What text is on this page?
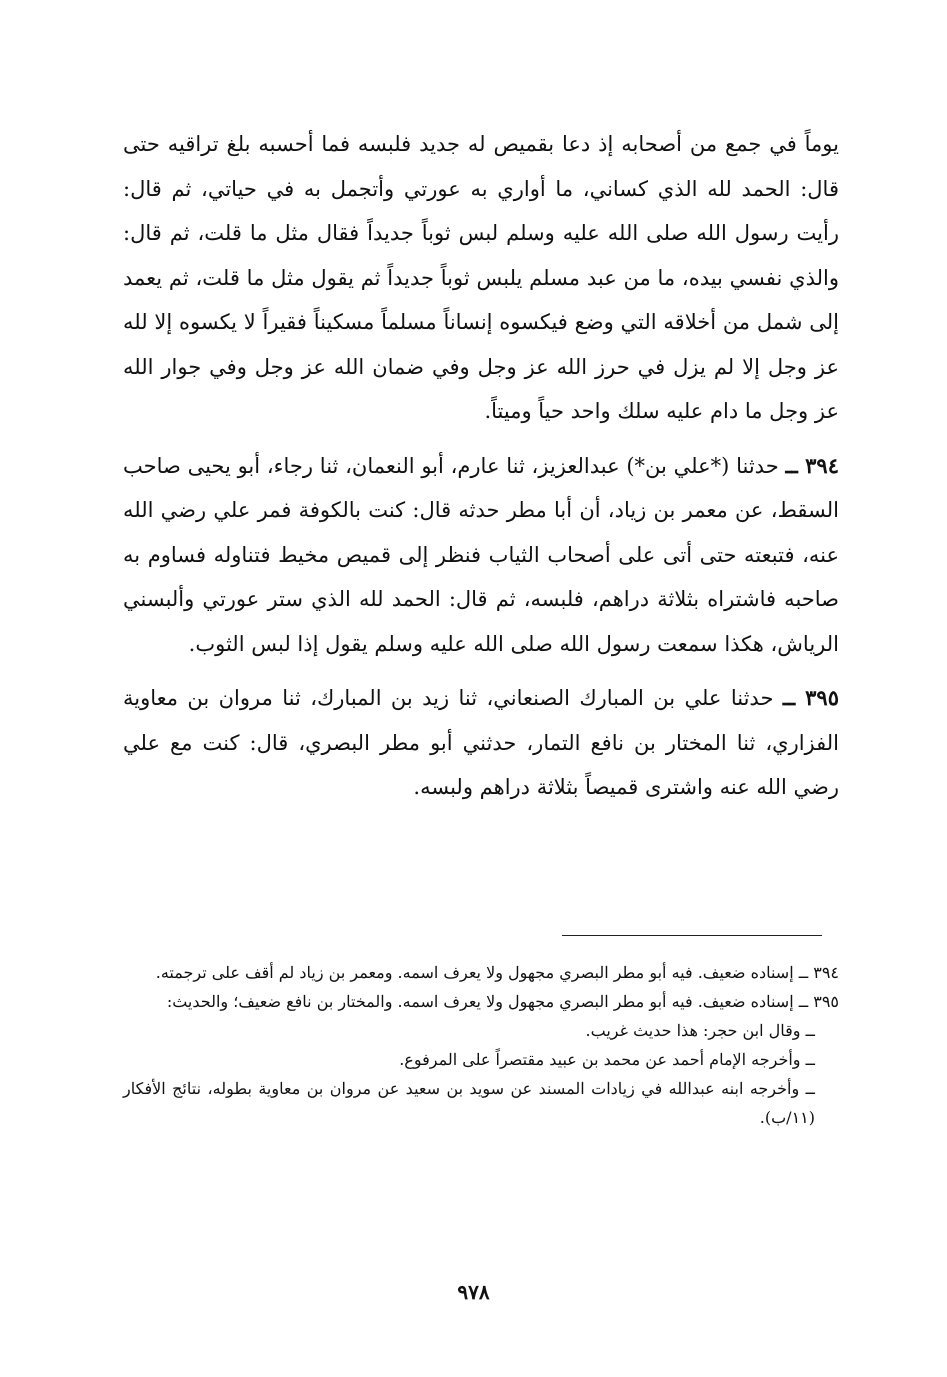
يوماً في جمع من أصحابه إذ دعا بقميص له جديد فلبسه فما أحسبه بلغ تراقيه حتى قال: الحمد لله الذي كساني، ما أواري به عورتي وأتجمل به في حياتي، ثم قال: رأيت رسول الله صلى الله عليه وسلم لبس ثوباً جديداً فقال مثل ما قلت، ثم قال: والذي نفسي بيده، ما من عبد مسلم يلبس ثوباً جديداً ثم يقول مثل ما قلت، ثم يعمد إلى شمل من أخلاقه التي وضع فيكسوه إنساناً مسلماً مسكيناً فقيراً لا يكسوه إلا لله عز وجل إلا لم يزل في حرز الله عز وجل وفي ضمان الله عز وجل وفي جوار الله عز وجل ما دام عليه سلك واحد حياً وميتاً.

٣٩٤ ــ حدثنا (*علي بن*) عبدالعزيز، ثنا عارم، أبو النعمان، ثنا رجاء، أبو يحيى صاحب السقط، عن معمر بن زياد، أن أبا مطر حدثه قال: كنت بالكوفة فمر علي رضي الله عنه، فتبعته حتى أتى على أصحاب الثياب فنظر إلى قميص مخيط فتناوله فساوم به صاحبه فاشتراه بثلاثة دراهم، فلبسه، ثم قال: الحمد لله الذي ستر عورتي وألبسني الرياش، هكذا سمعت رسول الله صلى الله عليه وسلم يقول إذا لبس الثوب.

٣٩٥ ــ حدثنا علي بن المبارك الصنعاني، ثنا زيد بن المبارك، ثنا مروان بن معاوية الفزاري، ثنا المختار بن نافع التمار، حدثني أبو مطر البصري، قال: كنت مع علي رضي الله عنه واشترى قميصاً بثلاثة دراهم ولبسه.

٣٩٤ ــ إسناده ضعيف. فيه أبو مطر البصري مجهول ولا يعرف اسمه. ومعمر بن زياد لم أقف على ترجمته.

٣٩٥ ــ إسناده ضعيف. فيه أبو مطر البصري مجهول ولا يعرف اسمه. والمختار بن نافع ضعيف؛ والحديث:

ــ وقال ابن حجر: هذا حديث غريب.

ــ وأخرجه الإمام أحمد عن محمد بن عبيد مقتصراً على المرفوع.

ــ وأخرجه ابنه عبدالله في زيادات المسند عن سويد بن سعيد عن مروان بن معاوية بطوله، نتائج الأفكار (١١/ب).

٩٧٨
